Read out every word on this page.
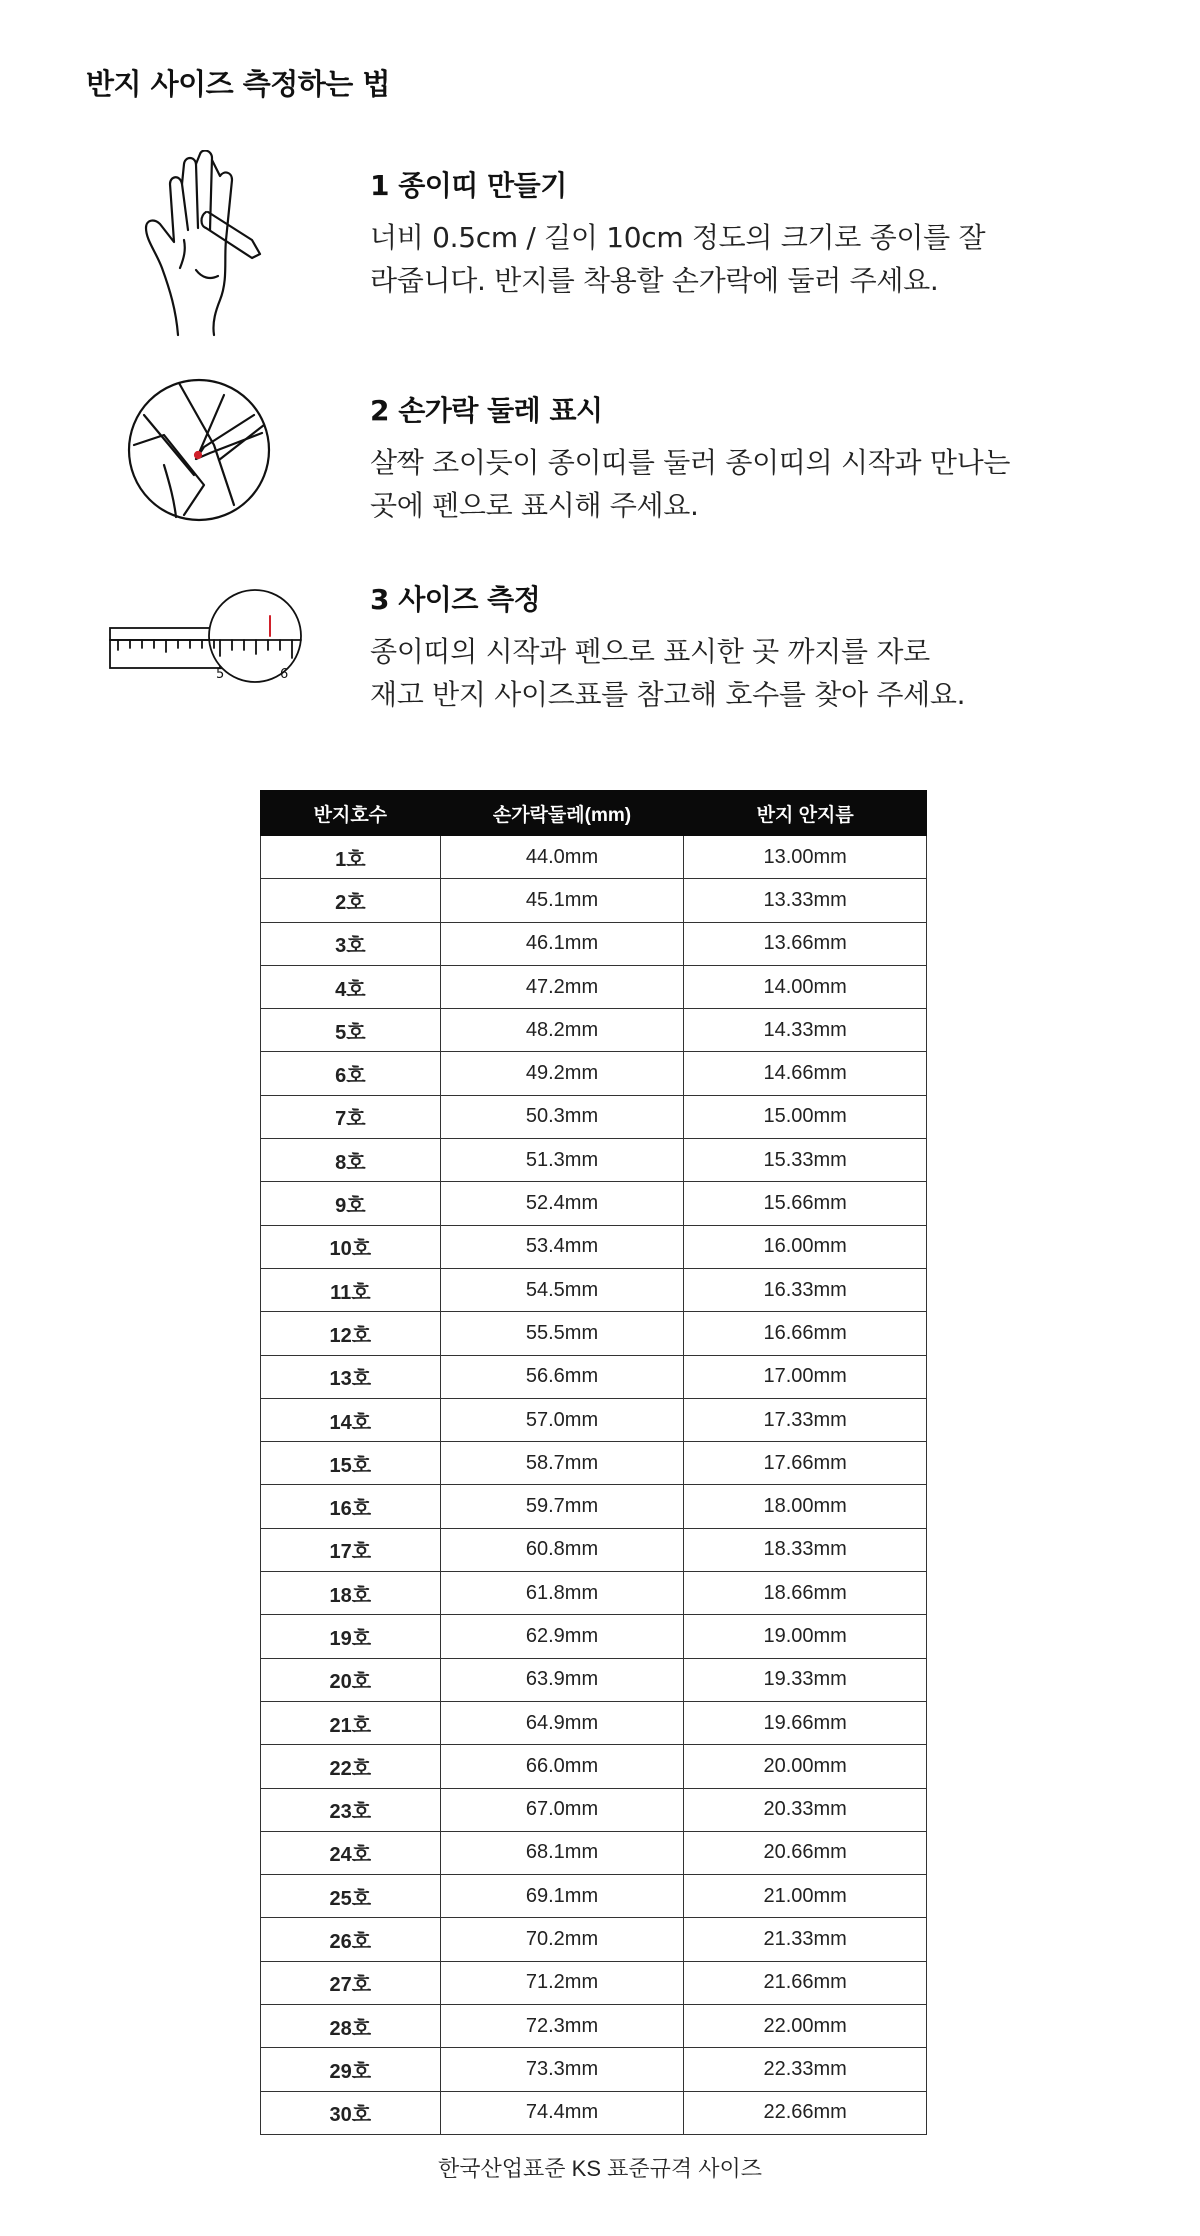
반지 사이즈 측정하는 법

1 종이띠 만들기

너비 0.5cm / 길이 10cm 정도의 크기로 종이를 잘
라줍니다. 반지를 착용할 손가락에 둘러 주세요.

2 손가락 둘레 표시

살짝 조이듯이 종이띠를 둘러 종이띠의 시작과 만나는
곳에 펜으로 표시해 주세요.

5	6

3 사이즈 측정

종이띠의 시작과 펜으로 표시한 곳 까지를 자로
재고 반지 사이즈표를 참고해 호수를 찾아 주세요.

반지호수	손가락둘레(mm)	반지 안지름
1호	44.0mm	13.00mm
2호	45.1mm	13.33mm
3호	46.1mm	13.66mm
4호	47.2mm	14.00mm
5호	48.2mm	14.33mm
6호	49.2mm	14.66mm
7호	50.3mm	15.00mm
8호	51.3mm	15.33mm
9호	52.4mm	15.66mm
10호	53.4mm	16.00mm
11호	54.5mm	16.33mm
12호	55.5mm	16.66mm
13호	56.6mm	17.00mm
14호	57.0mm	17.33mm
15호	58.7mm	17.66mm
16호	59.7mm	18.00mm
17호	60.8mm	18.33mm
18호	61.8mm	18.66mm
19호	62.9mm	19.00mm
20호	63.9mm	19.33mm
21호	64.9mm	19.66mm
22호	66.0mm	20.00mm
23호	67.0mm	20.33mm
24호	68.1mm	20.66mm
25호	69.1mm	21.00mm
26호	70.2mm	21.33mm
27호	71.2mm	21.66mm
28호	72.3mm	22.00mm
29호	73.3mm	22.33mm
30호	74.4mm	22.66mm

한국산업표준 KS 표준규격 사이즈
